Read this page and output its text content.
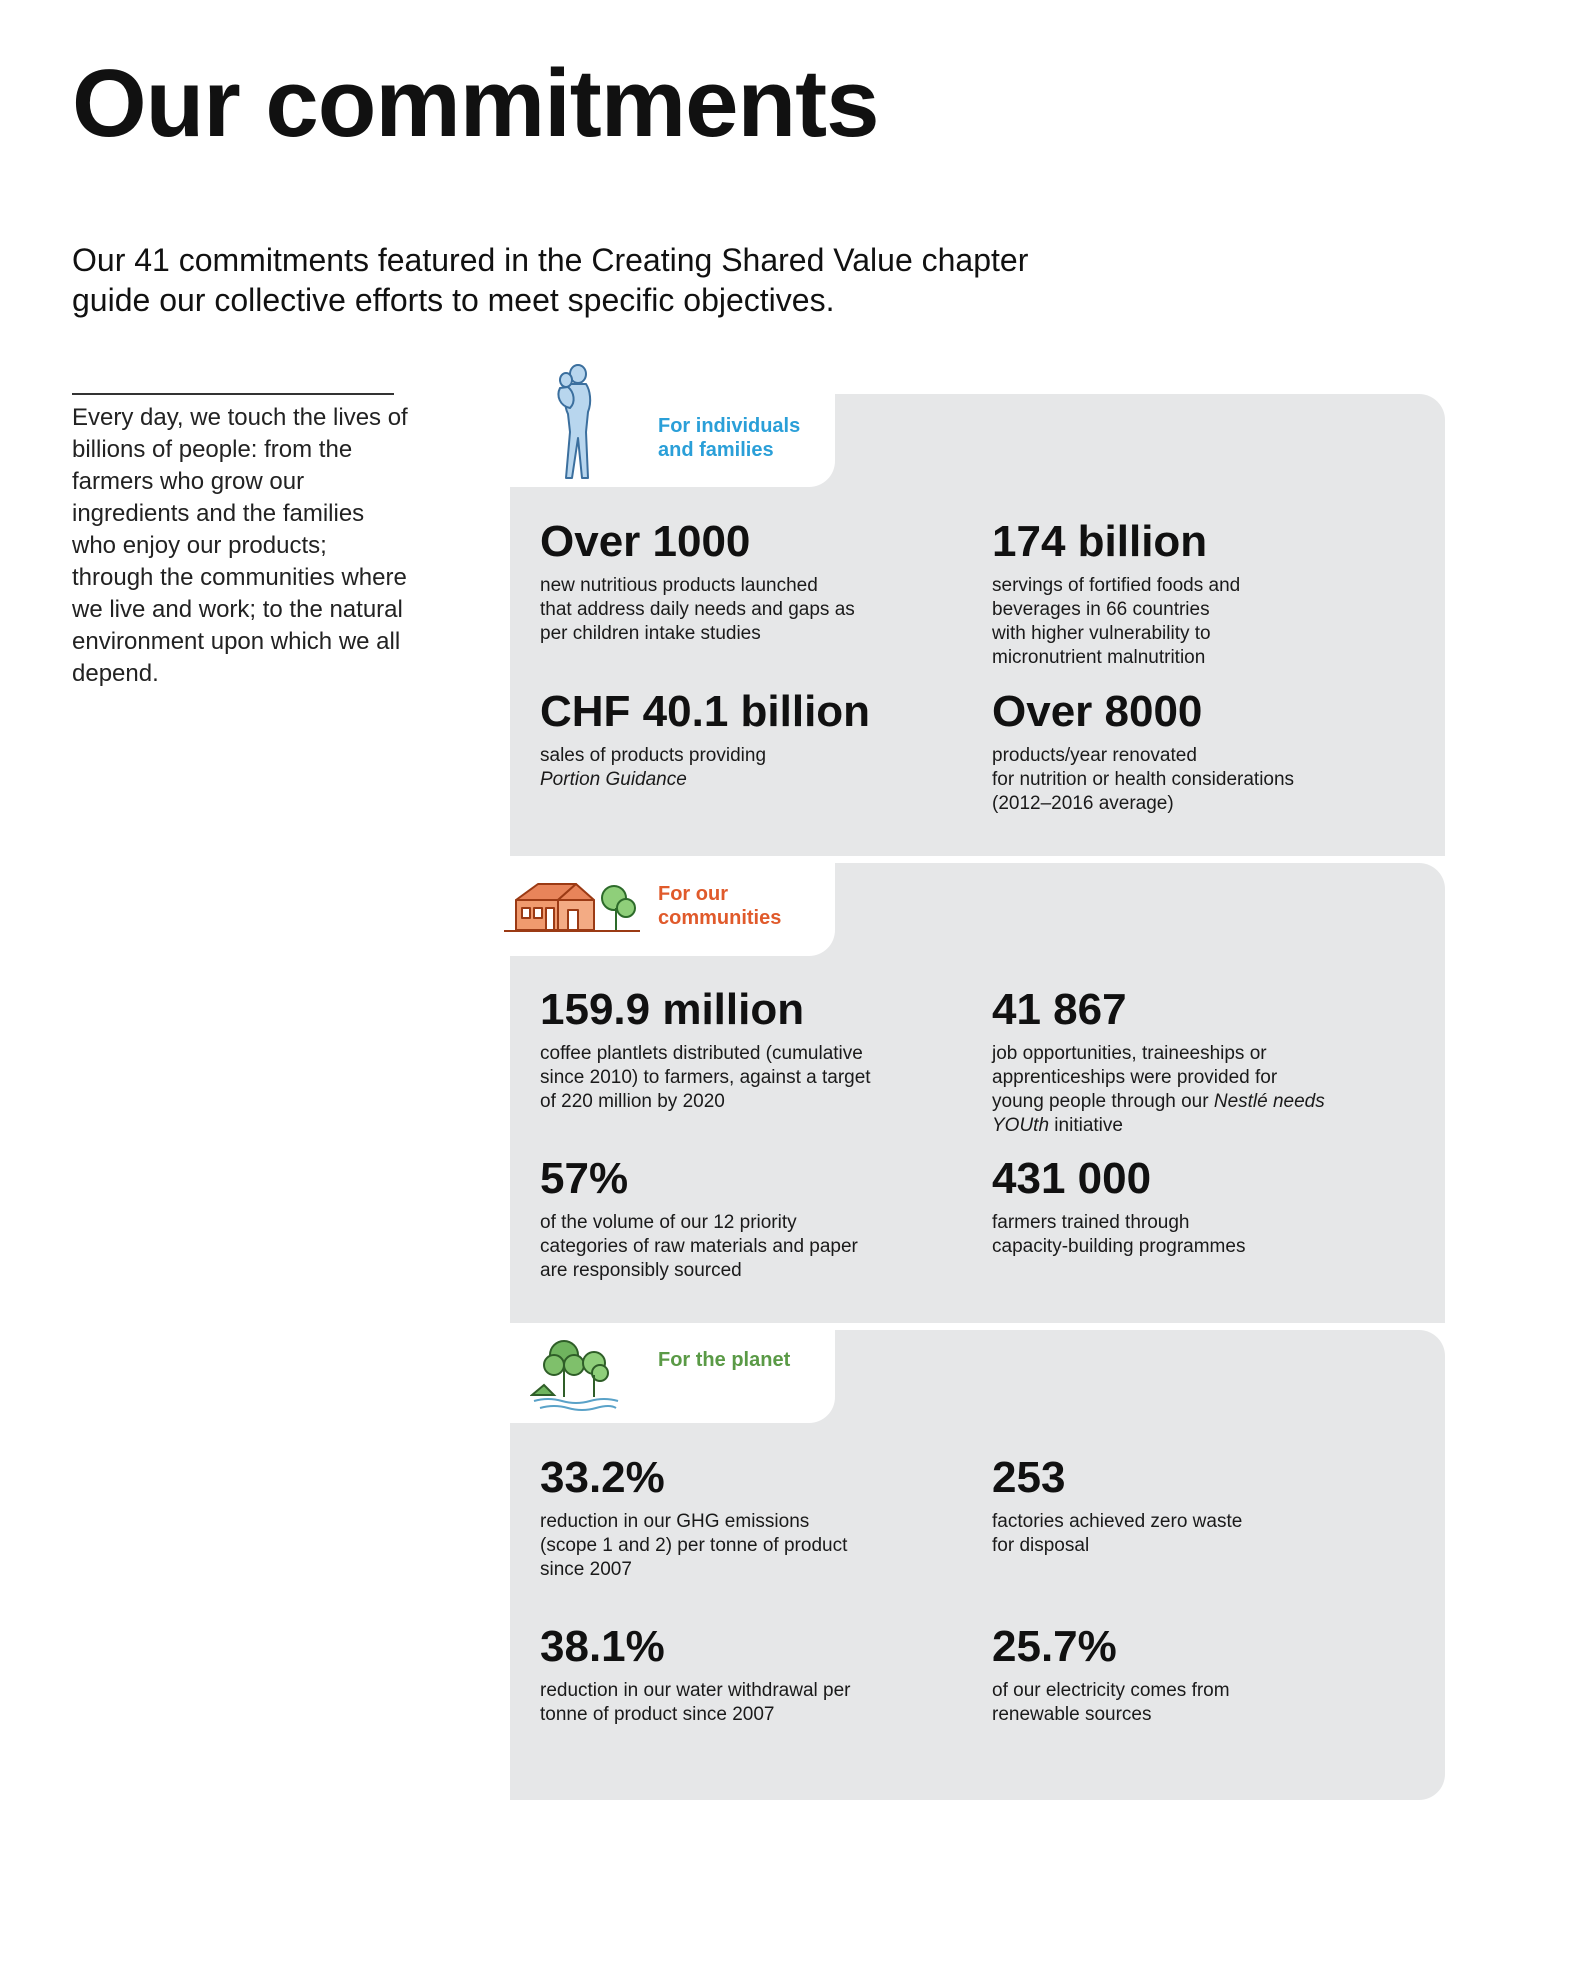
Our commitments

Our 41 commitments featured in the Creating Shared Value chapter
guide our collective efforts to meet specific objectives.

Every day, we touch the lives of billions of people: from the farmers who grow our ingredients and the families who enjoy our products; through the communities where we live and work; to the natural environment upon which we all depend.

For individuals
and families

Over 1000

new nutritious products launched
that address daily needs and gaps as
per children intake studies

174 billion

servings of fortified foods and
beverages in 66 countries
with higher vulnerability to
micronutrient malnutrition

CHF 40.1 billion

sales of products providing
Portion Guidance

Over 8000

products/year renovated
for nutrition or health considerations
(2012–2016 average)

For our
communities

159.9 million

coffee plantlets distributed (cumulative
since 2010) to farmers, against a target
of 220 million by 2020

41 867

job opportunities, traineeships or
apprenticeships were provided for
young people through our Nestlé needs
YOUth initiative

57%

of the volume of our 12 priority
categories of raw materials and paper
are responsibly sourced

431 000

farmers trained through
capacity-building programmes

For the planet

33.2%

reduction in our GHG emissions
(scope 1 and 2) per tonne of product
since 2007

253

factories achieved zero waste
for disposal

38.1%

reduction in our water withdrawal per
tonne of product since 2007

25.7%

of our electricity comes from
renewable sources
